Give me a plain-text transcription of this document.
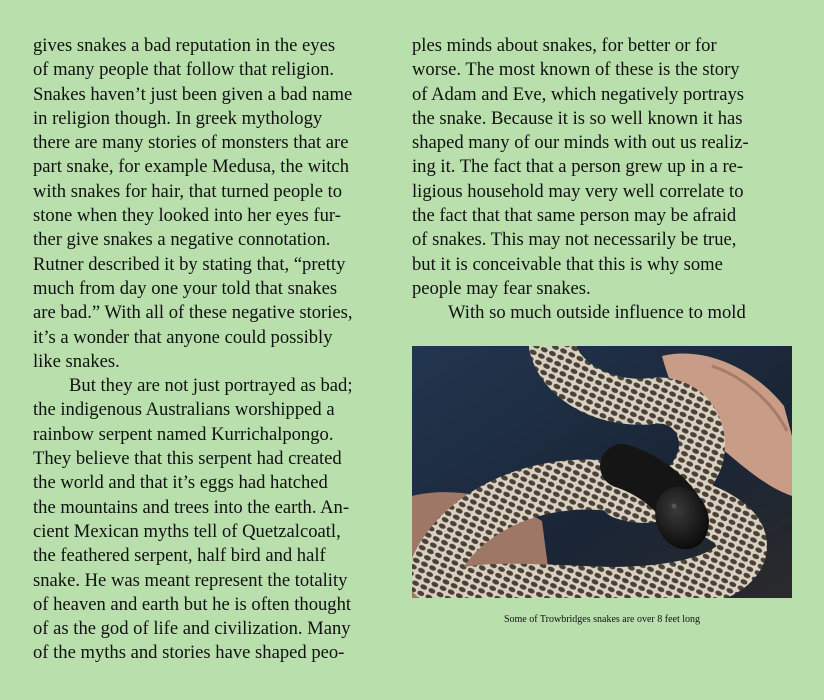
gives snakes a bad reputation in the eyes
of many people that follow that religion.
Snakes haven’t just been given a bad name
in religion though. In greek mythology
there are many stories of monsters that are
part snake, for example Medusa, the witch
with snakes for hair, that turned people to
stone when they looked into her eyes fur-
ther give snakes a negative connotation.
Rutner described it by stating that, “pretty
much from day one your told that snakes
are bad.” With all of these negative stories,
it’s a wonder that anyone could possibly
like snakes.
But they are not just portrayed as bad;
the indigenous Australians worshipped a
rainbow serpent named Kurrichalpongo.
They believe that this serpent had created
the world and that it’s eggs had hatched
the mountains and trees into the earth. An-
cient Mexican myths tell of Quetzalcoatl,
the feathered serpent, half bird and half
snake. He was meant represent the totality
of heaven and earth but he is often thought
of as the god of life and civilization. Many
of the myths and stories have shaped peo-
ples minds about snakes, for better or for
worse. The most known of these is the story
of Adam and Eve, which negatively portrays
the snake. Because it is so well known it has
shaped many of our minds with out us realiz-
ing it. The fact that a person grew up in a re-
ligious household may very well correlate to
the fact that that same person may be afraid
of snakes. This may not necessarily be true,
but it is conceivable that this is why some
people may fear snakes.
With so much outside influence to mold
Some of Trowbridges snakes are over 8 feet long
